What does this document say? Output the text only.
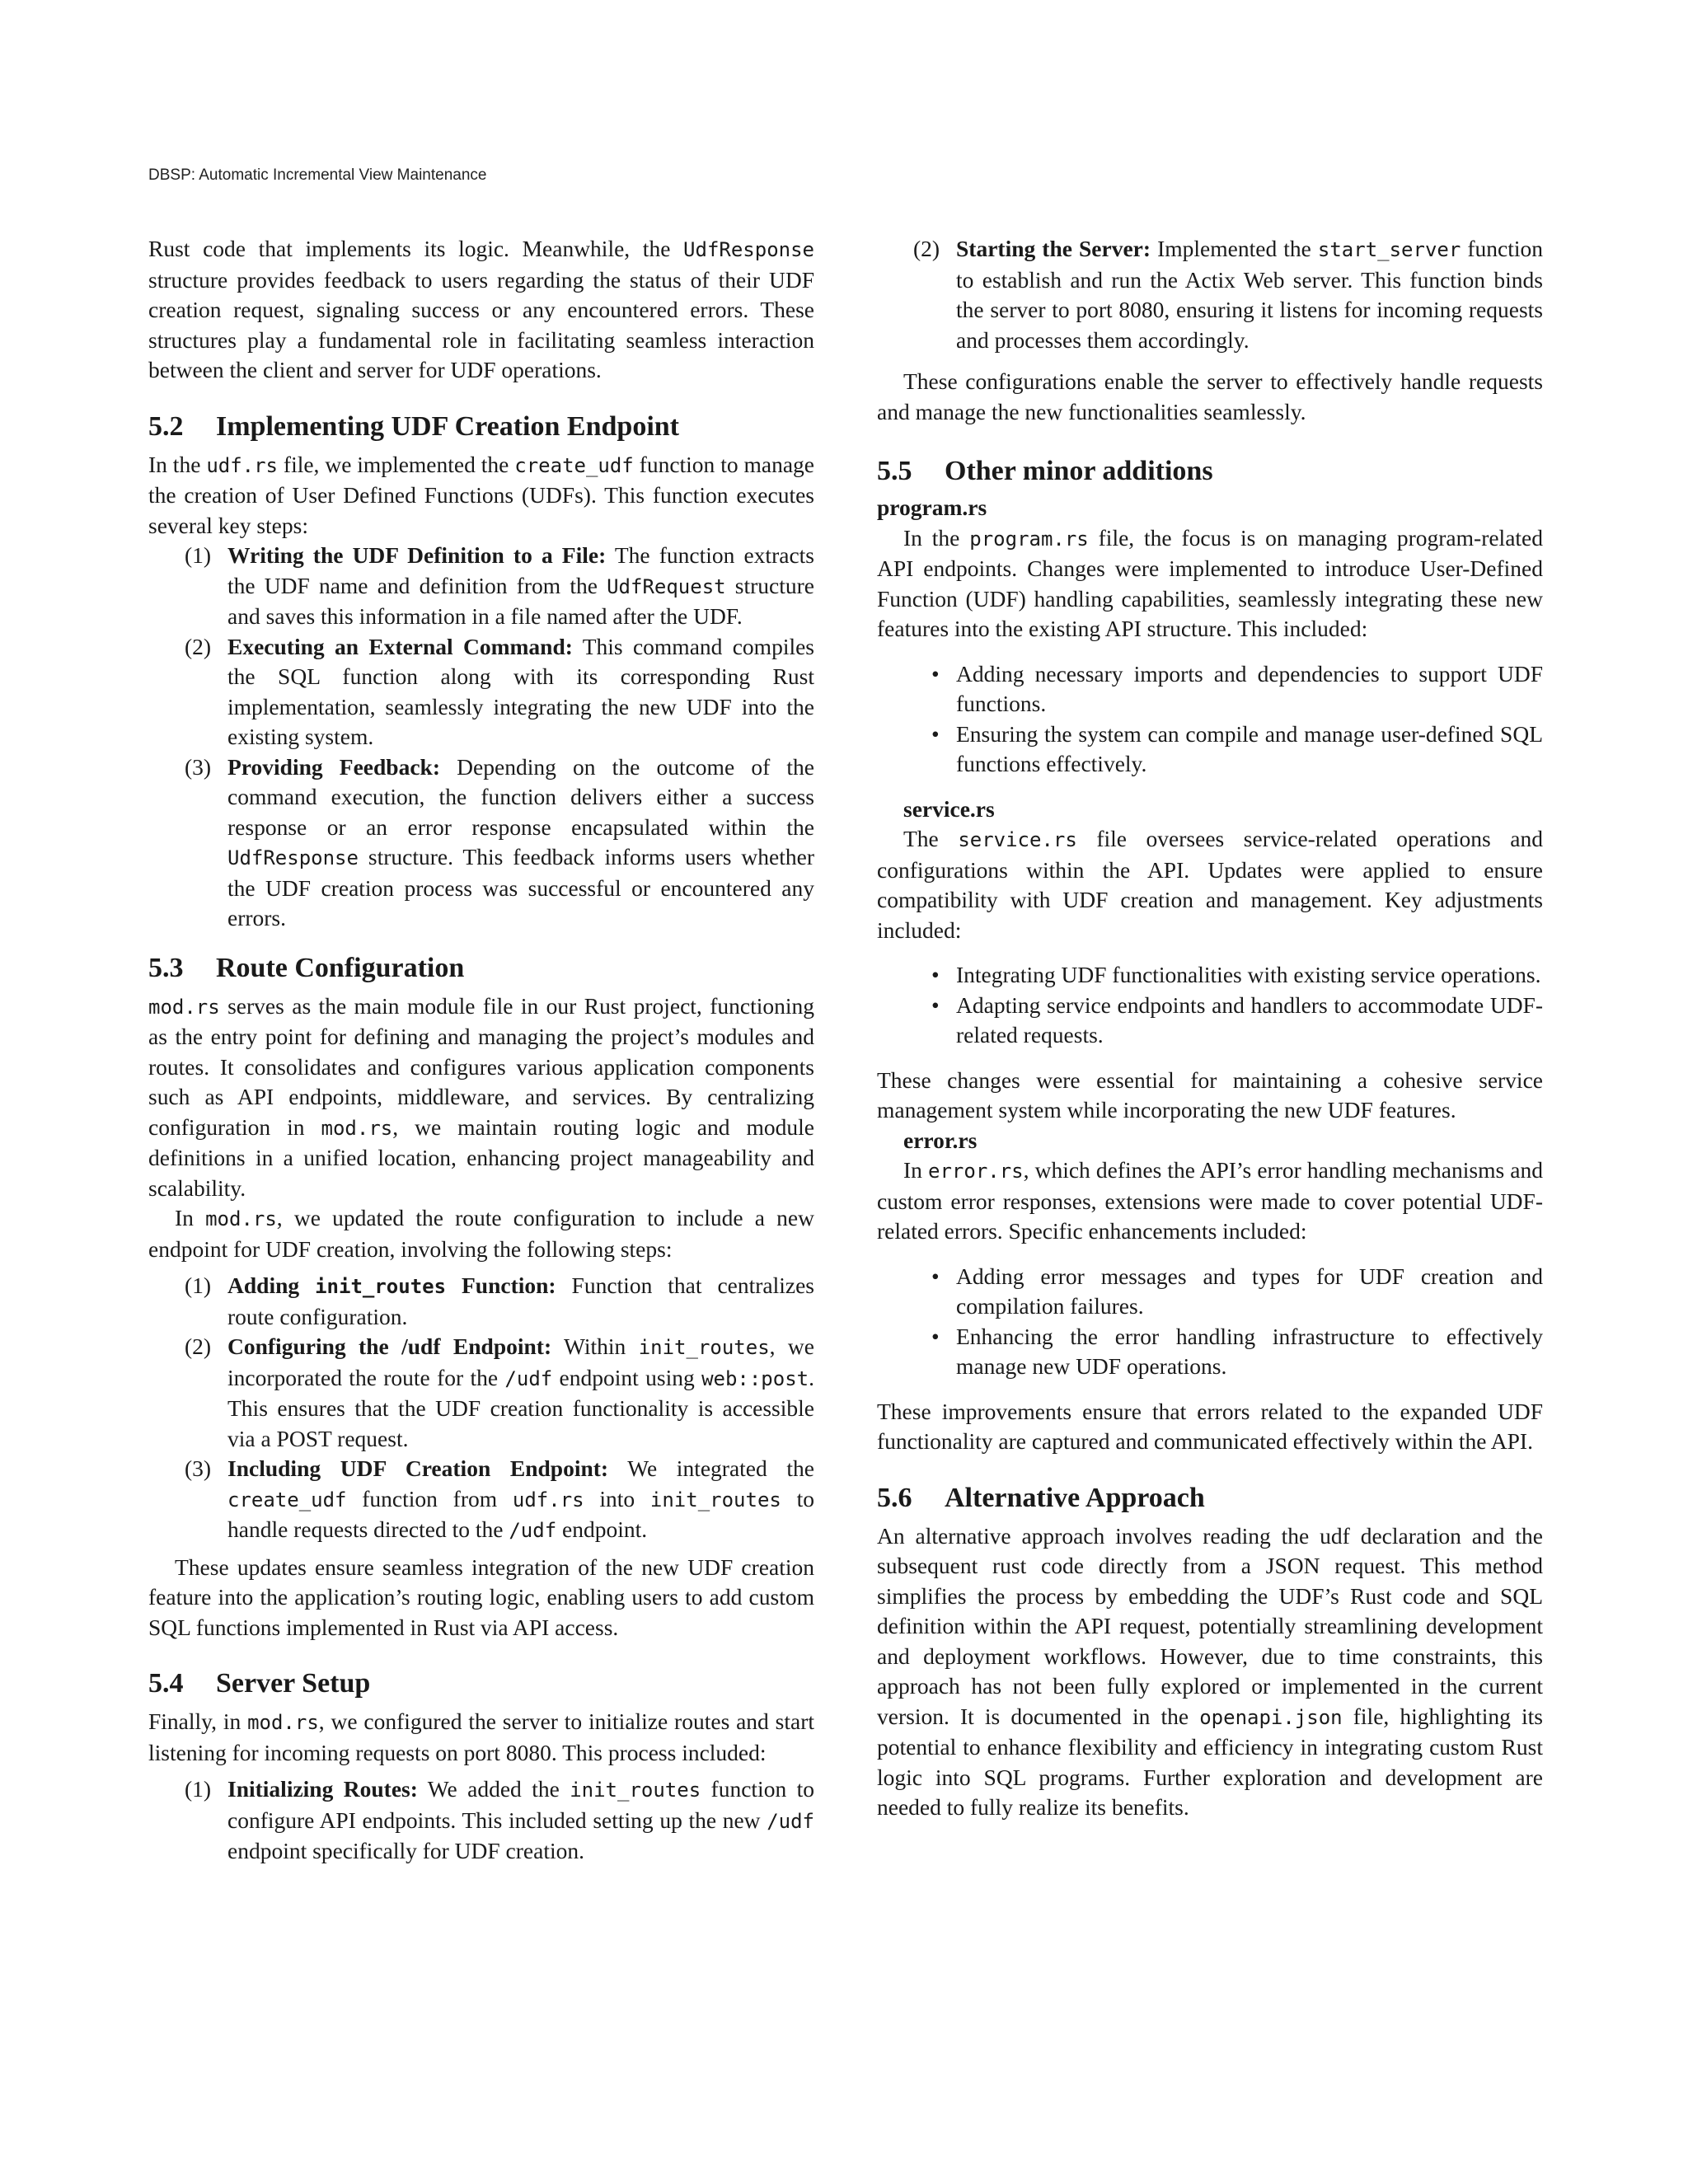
DBSP: Automatic Incremental View Maintenance

Rust code that implements its logic. Meanwhile, the UdfResponse structure provides feedback to users regarding the status of their UDF creation request, signaling success or any encountered errors. These structures play a fundamental role in facilitating seamless interaction between the client and server for UDF operations.

5.2 Implementing UDF Creation Endpoint

In the udf.rs file, we implemented the create_udf function to manage the creation of User Defined Functions (UDFs). This function executes several key steps:

(1) Writing the UDF Definition to a File: The function extracts the UDF name and definition from the UdfRequest structure and saves this information in a file named after the UDF.
(2) Executing an External Command: This command compiles the SQL function along with its corresponding Rust implementation, seamlessly integrating the new UDF into the existing system.
(3) Providing Feedback: Depending on the outcome of the command execution, the function delivers either a success response or an error response encapsulated within the UdfResponse structure. This feedback informs users whether the UDF creation process was successful or encountered any errors.
5.3 Route Configuration

mod.rs serves as the main module file in our Rust project, functioning as the entry point for defining and managing the project’s modules and routes. It consolidates and configures various application components such as API endpoints, middleware, and services. By centralizing configuration in mod.rs, we maintain routing logic and module definitions in a unified location, enhancing project manageability and scalability.

In mod.rs, we updated the route configuration to include a new endpoint for UDF creation, involving the following steps:

(1) Adding init_routes Function: Function that centralizes route configuration.
(2) Configuring the /udf Endpoint: Within init_routes, we incorporated the route for the /udf endpoint using web::post. This ensures that the UDF creation functionality is accessible via a POST request.
(3) Including UDF Creation Endpoint: We integrated the create_udf function from udf.rs into init_routes to handle requests directed to the /udf endpoint.

These updates ensure seamless integration of the new UDF creation feature into the application’s routing logic, enabling users to add custom SQL functions implemented in Rust via API access.

5.4 Server Setup

Finally, in mod.rs, we configured the server to initialize routes and start listening for incoming requests on port 8080. This process included:

(1) Initializing Routes: We added the init_routes function to configure API endpoints. This included setting up the new /udf endpoint specifically for UDF creation.
(2) Starting the Server: Implemented the start_server function to establish and run the Actix Web server. This function binds the server to port 8080, ensuring it listens for incoming requests and processes them accordingly.

These configurations enable the server to effectively handle requests and manage the new functionalities seamlessly.

5.5 Other minor additions

program.rs

In the program.rs file, the focus is on managing program-related API endpoints. Changes were implemented to introduce User-Defined Function (UDF) handling capabilities, seamlessly integrating these new features into the existing API structure. This included:

• Adding necessary imports and dependencies to support UDF functions.
• Ensuring the system can compile and manage user-defined SQL functions effectively.

service.rs

The service.rs file oversees service-related operations and configurations within the API. Updates were applied to ensure compatibility with UDF creation and management. Key adjustments included:

• Integrating UDF functionalities with existing service operations.
• Adapting service endpoints and handlers to accommodate UDF-related requests.

These changes were essential for maintaining a cohesive service management system while incorporating the new UDF features.

error.rs

In error.rs, which defines the API’s error handling mechanisms and custom error responses, extensions were made to cover potential UDF-related errors. Specific enhancements included:

• Adding error messages and types for UDF creation and compilation failures.
• Enhancing the error handling infrastructure to effectively manage new UDF operations.

These improvements ensure that errors related to the expanded UDF functionality are captured and communicated effectively within the API.

5.6 Alternative Approach

An alternative approach involves reading the udf declaration and the subsequent rust code directly from a JSON request. This method simplifies the process by embedding the UDF’s Rust code and SQL definition within the API request, potentially streamlining development and deployment workflows. However, due to time constraints, this approach has not been fully explored or implemented in the current version. It is documented in the openapi.json file, highlighting its potential to enhance flexibility and efficiency in integrating custom Rust logic into SQL programs. Further exploration and development are needed to fully realize its benefits.
